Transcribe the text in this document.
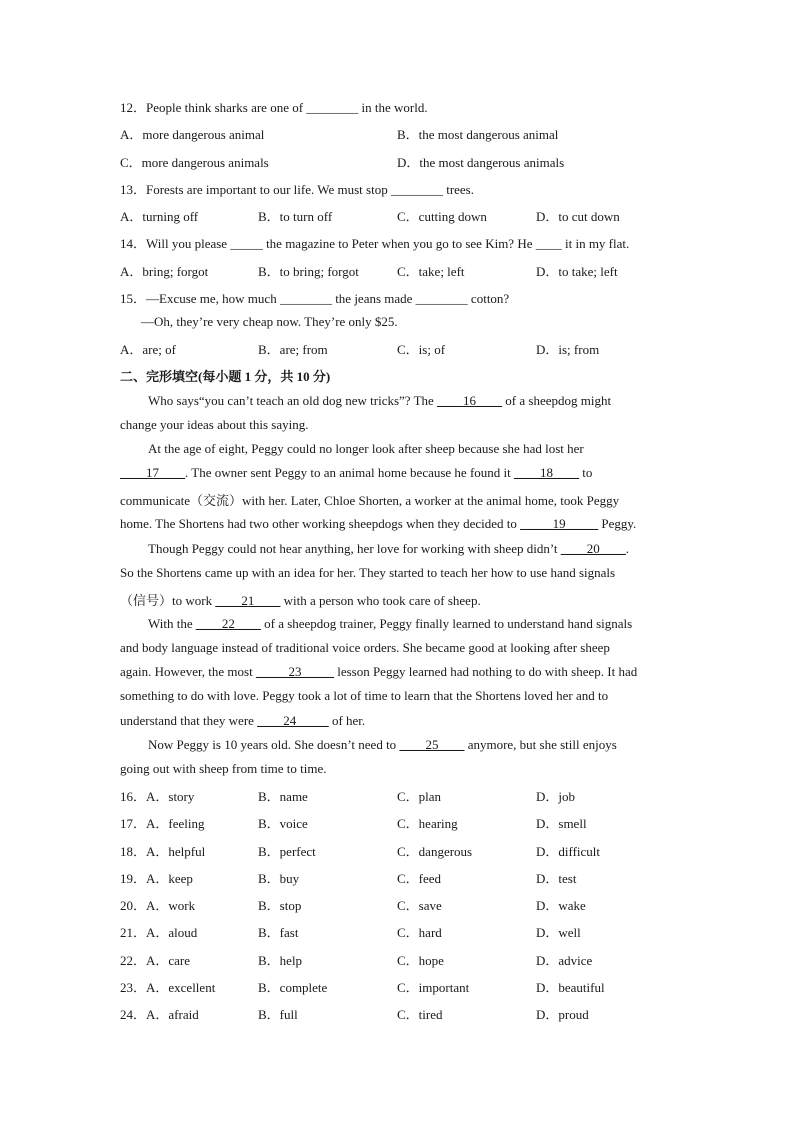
12．People think sharks are one of ________ in the world.
A．more dangerous animal	B．the most dangerous animal
C．more dangerous animals	D．the most dangerous animals
13．Forests are important to our life. We must stop ________ trees.
A．turning off	B．to turn off	C．cutting down	D．to cut down
14．Will you please _____ the magazine to Peter when you go to see Kim? He ____ it in my flat.
A．bring; forgot	B．to bring; forgot	C．take; left	D．to take; left
15．—Excuse me, how much ________ the jeans made ________ cotton?
—Oh, they’re very cheap now. They’re only $25.
A．are; of	B．are; from	C．is; of	D．is; from
二、完形填空(每小题 1 分，共 10 分)
Who says“you can’t teach an old dog new tricks”? The ____16____ of a sheepdog might
change your ideas about this saying.
At the age of eight, Peggy could no longer look after sheep because she had lost her
____17____. The owner sent Peggy to an animal home because he found it ____18____ to
communicate（交流）with her. Later, Chloe Shorten, a worker at the animal home, took Peggy
home. The Shortens had two other working sheepdogs when they decided to _____19_____ Peggy.
Though Peggy could not hear anything, her love for working with sheep didn’t ____20____.
So the Shortens came up with an idea for her. They started to teach her how to use hand signals
（信号）to work ____21____ with a person who took care of sheep.
With the ____22____ of a sheepdog trainer, Peggy finally learned to understand hand signals
and body language instead of traditional voice orders. She became good at looking after sheep
again. However, the most _____23_____ lesson Peggy learned had nothing to do with sheep. It had
something to do with love. Peggy took a lot of time to learn that the Shortens loved her and to
understand that they were ____24_____ of her.
Now Peggy is 10 years old. She doesn’t need to ____25____ anymore, but she still enjoys
going out with sheep from time to time.
16．A．story	B．name	C．plan	D．job
17．A．feeling	B．voice	C．hearing	D．smell
18．A．helpful	B．perfect	C．dangerous	D．difficult
19．A．keep	B．buy	C．feed	D．test
20．A．work	B．stop	C．save	D．wake
21．A．aloud	B．fast	C．hard	D．well
22．A．care	B．help	C．hope	D．advice
23．A．excellent	B．complete	C．important	D．beautiful
24．A．afraid	B．full	C．tired	D．proud
